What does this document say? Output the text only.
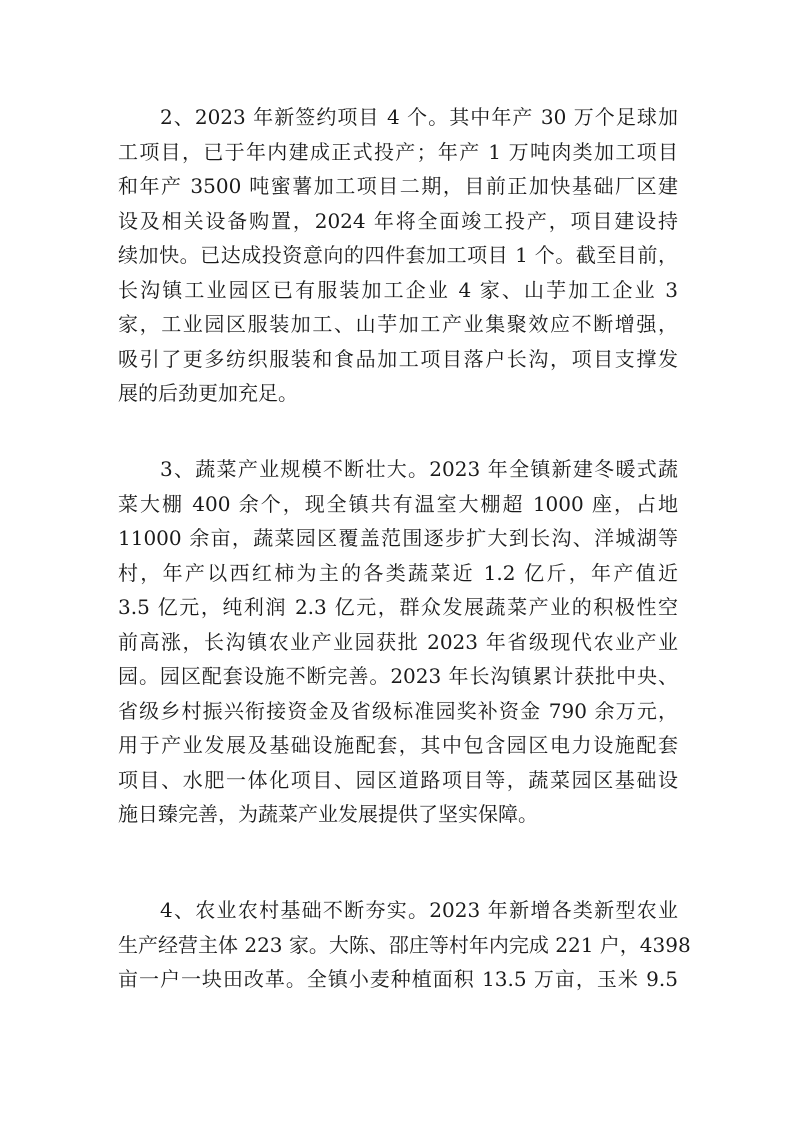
2、2023 年新签约项目 4 个。其中年产 30 万个足球加
工项目，已于年内建成正式投产；年产 1 万吨肉类加工项目
和年产 3500 吨蜜薯加工项目二期，目前正加快基础厂区建
设及相关设备购置，2024 年将全面竣工投产，项目建设持
续加快。已达成投资意向的四件套加工项目 1 个。截至目前，
长沟镇工业园区已有服装加工企业 4 家、山芋加工企业 3
家，工业园区服装加工、山芋加工产业集聚效应不断增强，
吸引了更多纺织服装和食品加工项目落户长沟，项目支撑发
展的后劲更加充足。
3、蔬菜产业规模不断壮大。2023 年全镇新建冬暖式蔬
菜大棚 400 余个，现全镇共有温室大棚超 1000 座，占地
11000 余亩，蔬菜园区覆盖范围逐步扩大到长沟、洋城湖等
村，年产以西红柿为主的各类蔬菜近 1.2 亿斤，年产值近
3.5 亿元，纯利润 2.3 亿元，群众发展蔬菜产业的积极性空
前高涨，长沟镇农业产业园获批 2023 年省级现代农业产业
园。园区配套设施不断完善。2023 年长沟镇累计获批中央、
省级乡村振兴衔接资金及省级标准园奖补资金 790 余万元，
用于产业发展及基础设施配套，其中包含园区电力设施配套
项目、水肥一体化项目、园区道路项目等，蔬菜园区基础设
施日臻完善，为蔬菜产业发展提供了坚实保障。
4、农业农村基础不断夯实。2023 年新增各类新型农业
生产经营主体 223 家。大陈、邵庄等村年内完成 221 户，4398
亩一户一块田改革。全镇小麦种植面积 13.5 万亩，玉米 9.5
